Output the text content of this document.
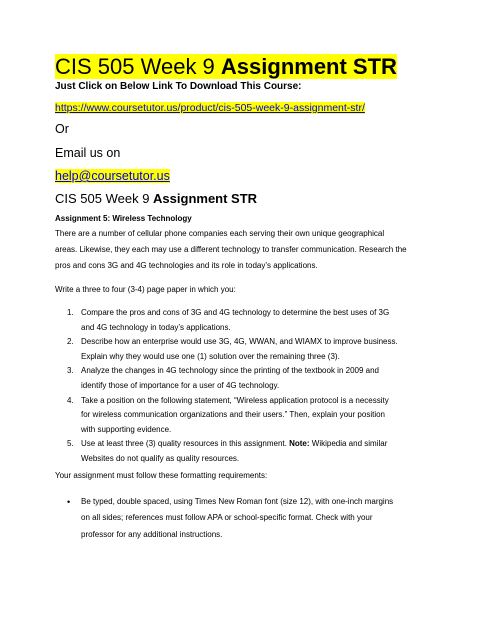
CIS 505 Week 9 Assignment STR
Just Click on Below Link To Download This Course:
https://www.coursetutor.us/product/cis-505-week-9-assignment-str/
Or
Email us on
help@coursetutor.us
CIS 505 Week 9 Assignment STR
Assignment 5: Wireless Technology
There are a number of cellular phone companies each serving their own unique geographical
areas. Likewise, they each may use a different technology to transfer communication. Research the
pros and cons 3G and 4G technologies and its role in today’s applications.
Write a three to four (3-4) page paper in which you:
1. Compare the pros and cons of 3G and 4G technology to determine the best uses of 3G
and 4G technology in today’s applications.
2. Describe how an enterprise would use 3G, 4G, WWAN, and WIAMX to improve business.
Explain why they would use one (1) solution over the remaining three (3).
3. Analyze the changes in 4G technology since the printing of the textbook in 2009 and
identify those of importance for a user of 4G technology.
4. Take a position on the following statement, “Wireless application protocol is a necessity
for wireless communication organizations and their users.” Then, explain your position
with supporting evidence.
5. Use at least three (3) quality resources in this assignment. Note: Wikipedia and similar
Websites do not qualify as quality resources.
Your assignment must follow these formatting requirements:
• Be typed, double spaced, using Times New Roman font (size 12), with one-inch margins
on all sides; references must follow APA or school-specific format. Check with your
professor for any additional instructions.
